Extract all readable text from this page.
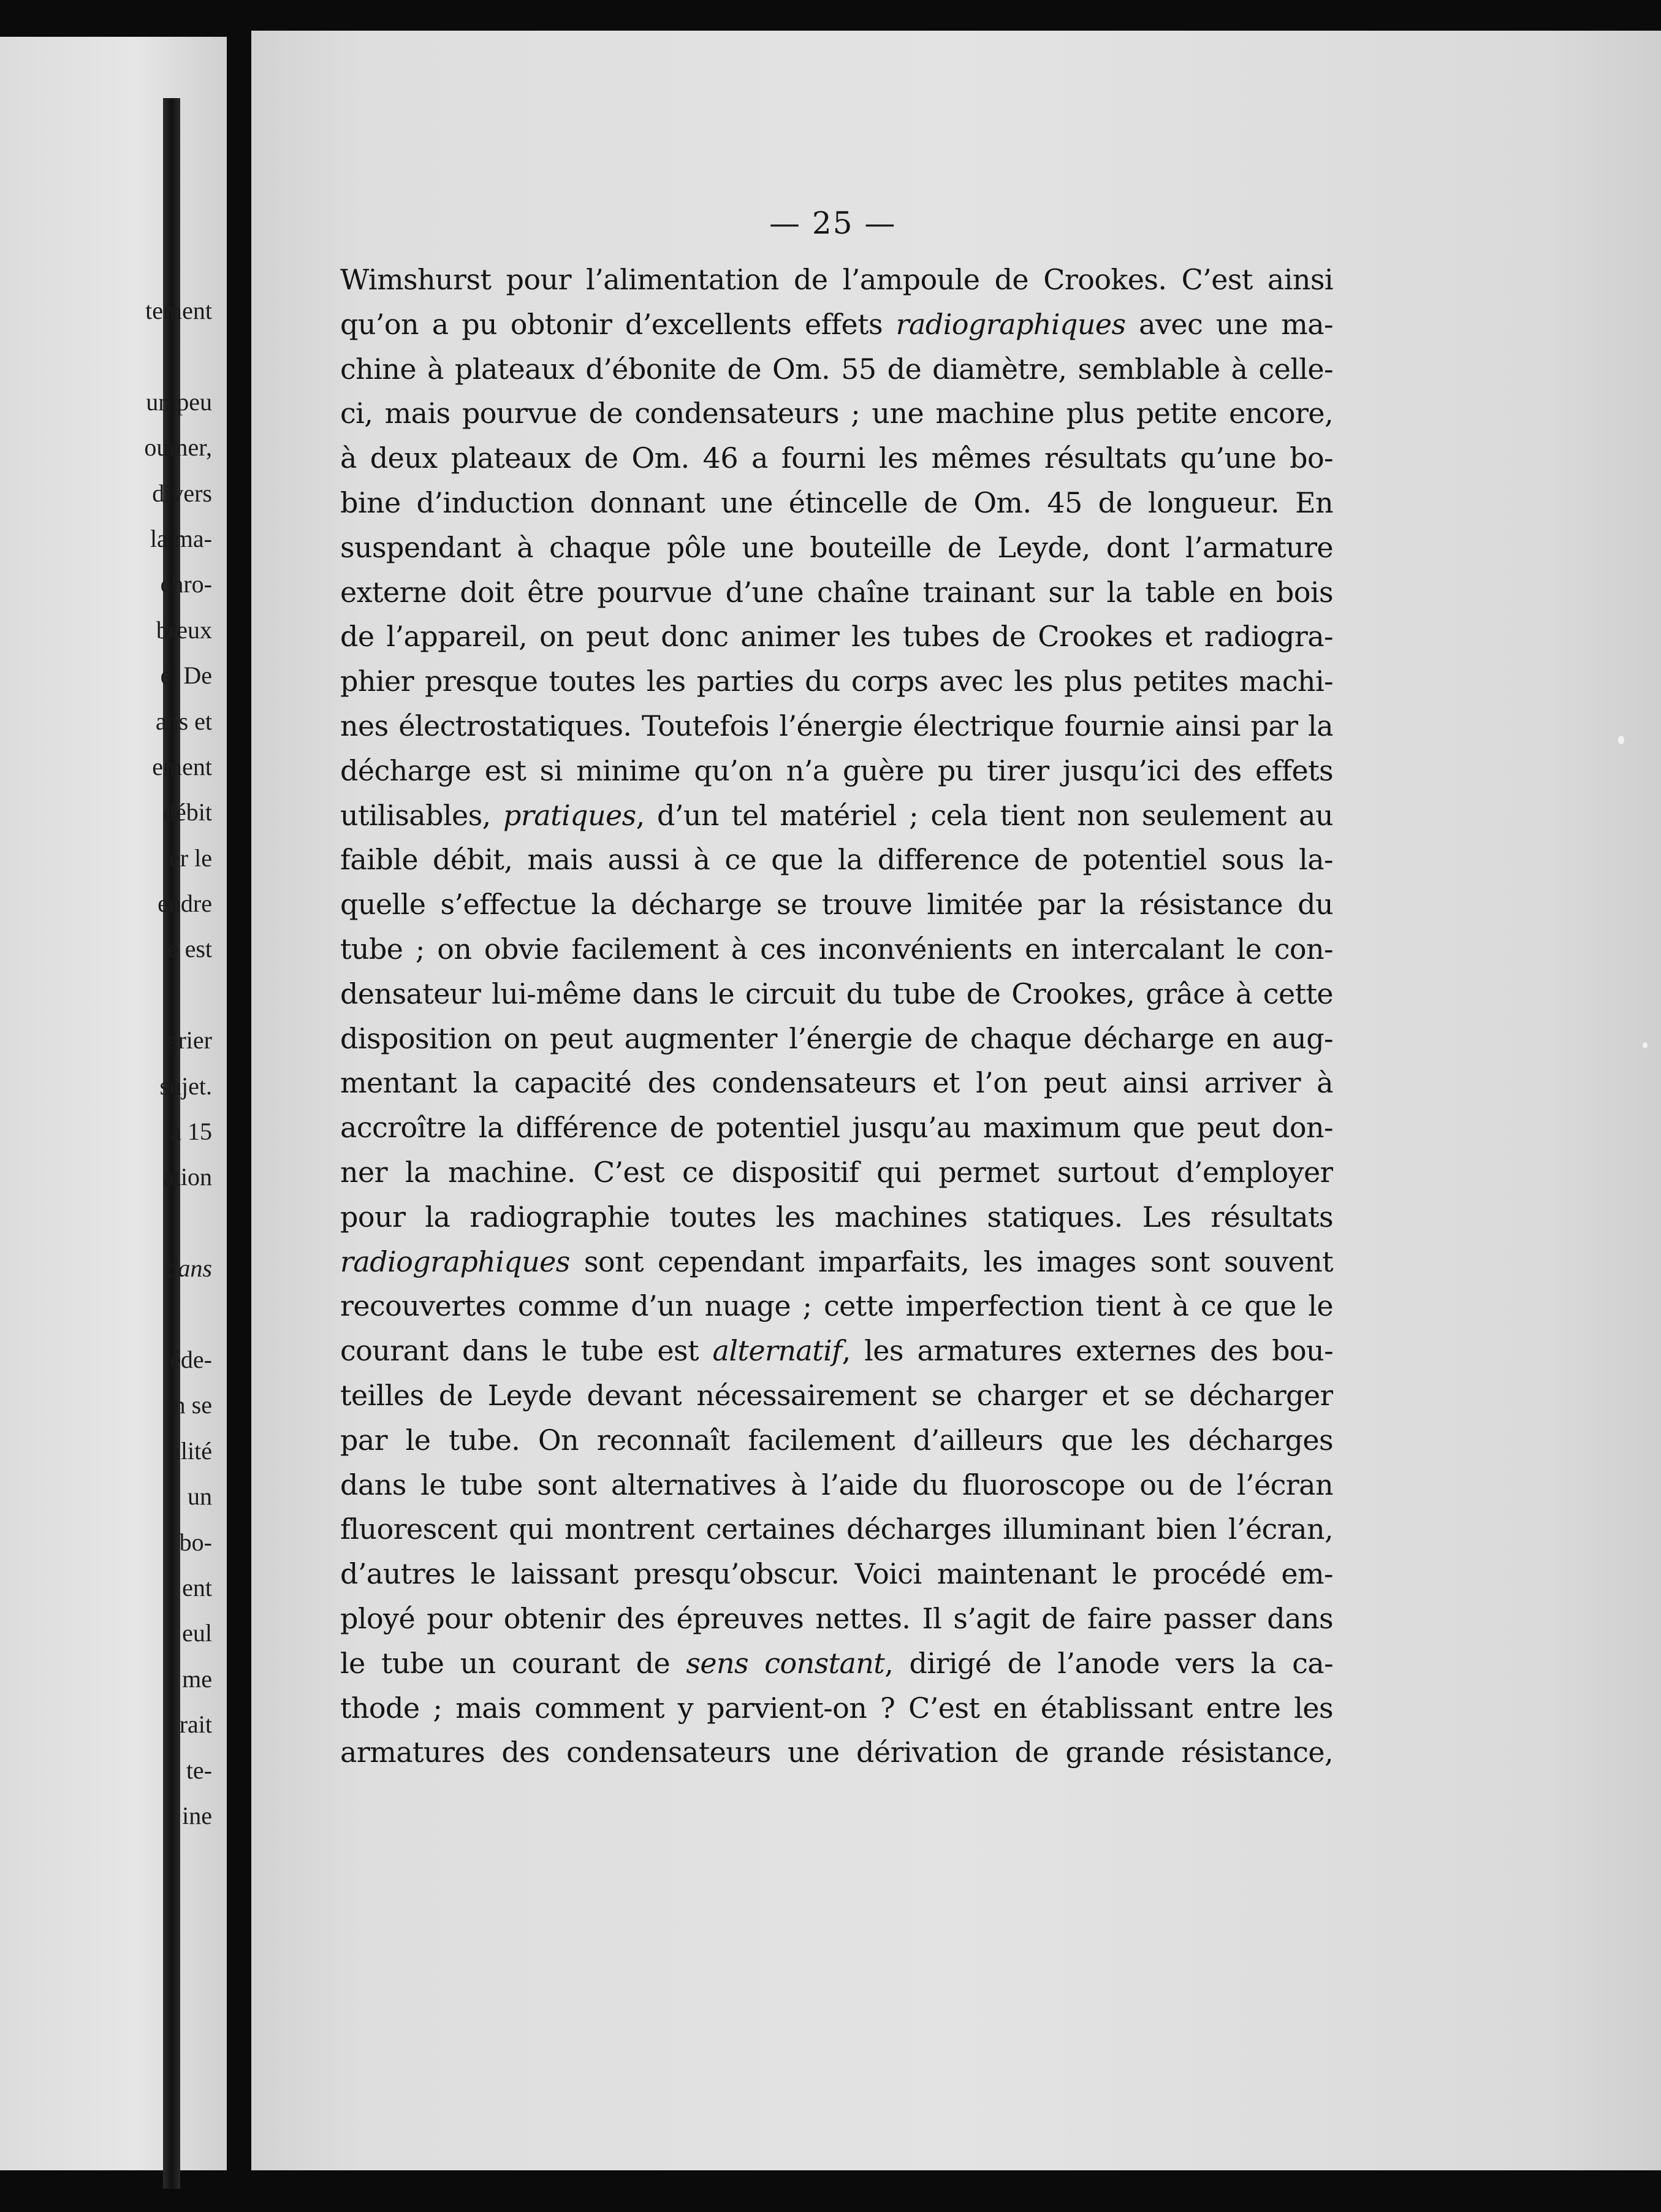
tement
un peu
oumer,
divers
la ma-
chro-
breux
é. De
ans et
ement
débit
er le
endre
e est
arier
sujet.
à 15
ation
dans
éde-
n se
ilité
un
bo-
ent
eul
me
rait
te-
ine
— 25 —
Wimshurst pour l’alimentation de l’ampoule de Crookes. C’est ainsi
qu’on a pu obtonir d’excellents effets radiographiques avec une ma-
chine à plateaux d’ébonite de Om. 55 de diamètre, semblable à celle-
ci, mais pourvue de condensateurs ; une machine plus petite encore,
à deux plateaux de Om. 46 a fourni les mêmes résultats qu’une bo-
bine d’induction donnant une étincelle de Om. 45 de longueur. En
suspendant à chaque pôle une bouteille de Leyde, dont l’armature
externe doit être pourvue d’une chaîne trainant sur la table en bois
de l’appareil, on peut donc animer les tubes de Crookes et radiogra-
phier presque toutes les parties du corps avec les plus petites machi-
nes électrostatiques. Toutefois l’énergie électrique fournie ainsi par la
décharge est si minime qu’on n’a guère pu tirer jusqu’ici des effets
utilisables, pratiques, d’un tel matériel ; cela tient non seulement au
faible débit, mais aussi à ce que la difference de potentiel sous la-
quelle s’effectue la décharge se trouve limitée par la résistance du
tube ; on obvie facilement à ces inconvénients en intercalant le con-
densateur lui-même dans le circuit du tube de Crookes, grâce à cette
disposition on peut augmenter l’énergie de chaque décharge en aug-
mentant la capacité des condensateurs et l’on peut ainsi arriver à
accroître la différence de potentiel jusqu’au maximum que peut don-
ner la machine. C’est ce dispositif qui permet surtout d’employer
pour la radiographie toutes les machines statiques. Les résultats
radiographiques sont cependant imparfaits, les images sont souvent
recouvertes comme d’un nuage ; cette imperfection tient à ce que le
courant dans le tube est alternatif, les armatures externes des bou-
teilles de Leyde devant nécessairement se charger et se décharger
par le tube. On reconnaît facilement d’ailleurs que les décharges
dans le tube sont alternatives à l’aide du fluoroscope ou de l’écran
fluorescent qui montrent certaines décharges illuminant bien l’écran,
d’autres le laissant presqu’obscur. Voici maintenant le procédé em-
ployé pour obtenir des épreuves nettes. Il s’agit de faire passer dans
le tube un courant de sens constant, dirigé de l’anode vers la ca-
thode ; mais comment y parvient-on ? C’est en établissant entre les
armatures des condensateurs une dérivation de grande résistance,
